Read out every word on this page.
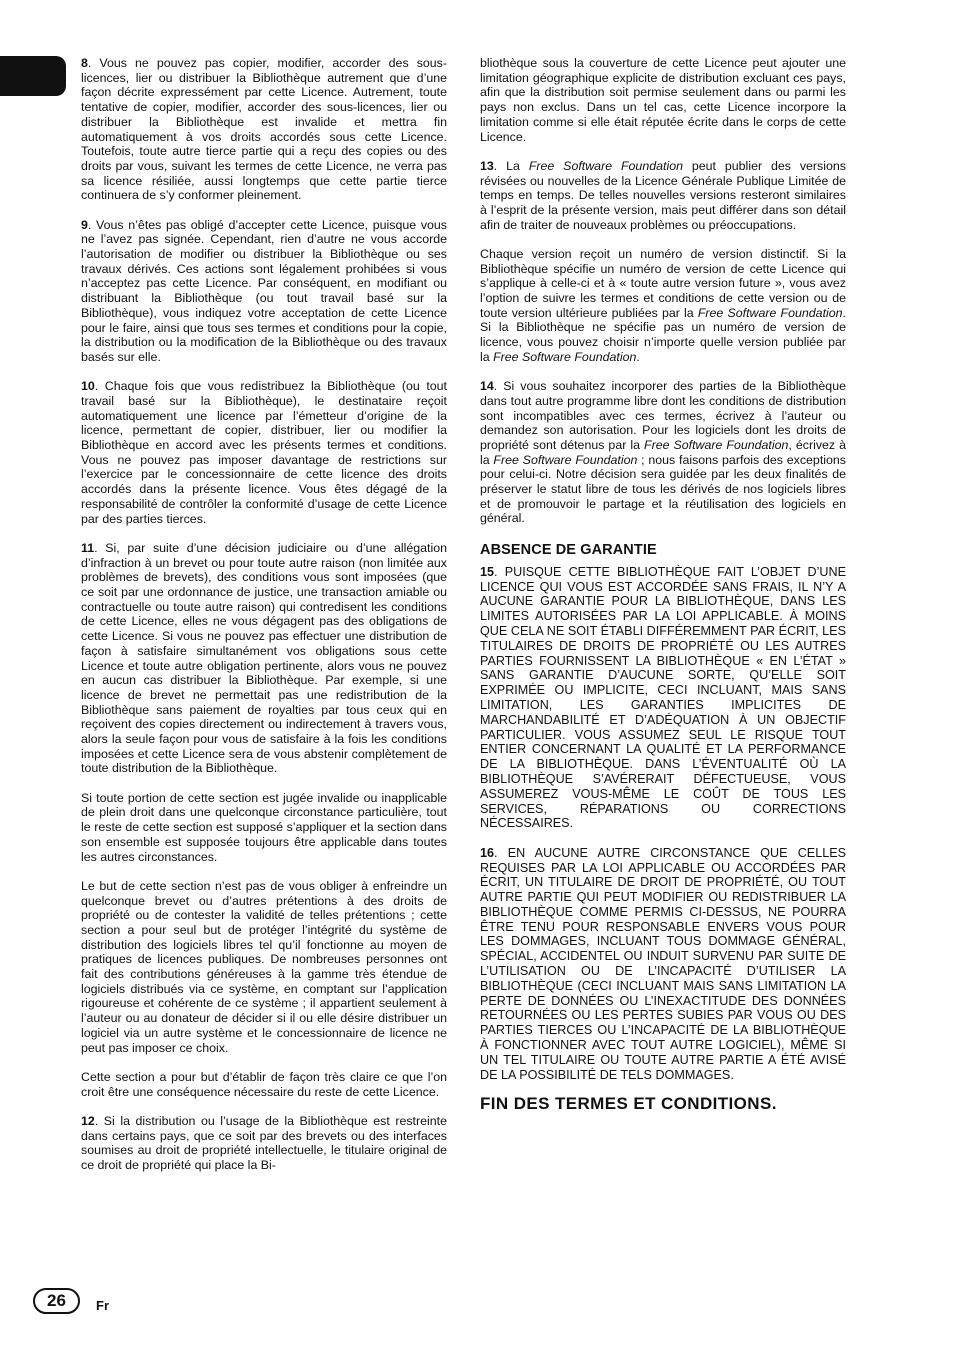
8. Vous ne pouvez pas copier, modifier, accorder des sous-licences, lier ou distribuer la Bibliothèque autrement que d’une façon décrite expressément par cette Licence. Autrement, toute tentative de copier, modifier, accorder des sous-licences, lier ou distribuer la Bibliothèque est invalide et mettra fin automatiquement à vos droits accordés sous cette Licence. Toutefois, toute autre tierce partie qui a reçu des copies ou des droits par vous, suivant les termes de cette Licence, ne verra pas sa licence résiliée, aussi longtemps que cette partie tierce continuera de s’y conformer pleinement.

9. Vous n’êtes pas obligé d’accepter cette Licence, puisque vous ne l’avez pas signée. Cependant, rien d’autre ne vous accorde l’autorisation de modifier ou distribuer la Bibliothèque ou ses travaux dérivés. Ces actions sont légalement prohibées si vous n’acceptez pas cette Licence. Par conséquent, en modifiant ou distribuant la Bibliothèque (ou tout travail basé sur la Bibliothèque), vous indiquez votre acceptation de cette Licence pour le faire, ainsi que tous ses termes et conditions pour la copie, la distribution ou la modification de la Bibliothèque ou des travaux basés sur elle.

10. Chaque fois que vous redistribuez la Bibliothèque (ou tout travail basé sur la Bibliothèque), le destinataire reçoit automatiquement une licence par l’émetteur d’origine de la licence, permettant de copier, distribuer, lier ou modifier la Bibliothèque en accord avec les présents termes et conditions. Vous ne pouvez pas imposer davantage de restrictions sur l’exercice par le concessionnaire de cette licence des droits accordés dans la présente licence. Vous êtes dégagé de la responsabilité de contrôler la conformité d’usage de cette Licence par des parties tierces.

11. Si, par suite d’une décision judiciaire ou d’une allégation d’infraction à un brevet ou pour toute autre raison (non limitée aux problèmes de brevets), des conditions vous sont imposées (que ce soit par une ordonnance de justice, une transaction amiable ou contractuelle ou toute autre raison) qui contredisent les conditions de cette Licence, elles ne vous dégagent pas des obligations de cette Licence. Si vous ne pouvez pas effectuer une distribution de façon à satisfaire simultanément vos obligations sous cette Licence et toute autre obligation pertinente, alors vous ne pouvez en aucun cas distribuer la Bibliothèque. Par exemple, si une licence de brevet ne permettait pas une redistribution de la Bibliothèque sans paiement de royalties par tous ceux qui en reçoivent des copies directement ou indirectement à travers vous, alors la seule façon pour vous de satisfaire à la fois les conditions imposées et cette Licence sera de vous abstenir complètement de toute distribution de la Bibliothèque.

Si toute portion de cette section est jugée invalide ou inapplicable de plein droit dans une quelconque circonstance particulière, tout le reste de cette section est supposé s’appliquer et la section dans son ensemble est supposée toujours être applicable dans toutes les autres circonstances.

Le but de cette section n’est pas de vous obliger à enfreindre un quelconque brevet ou d’autres prétentions à des droits de propriété ou de contester la validité de telles prétentions ; cette section a pour seul but de protéger l’intégrité du système de distribution des logiciels libres tel qu’il fonctionne au moyen de pratiques de licences publiques. De nombreuses personnes ont fait des contributions généreuses à la gamme très étendue de logiciels distribués via ce système, en comptant sur l’application rigoureuse et cohérente de ce système ; il appartient seulement à l’auteur ou au donateur de décider si il ou elle désire distribuer un logiciel via un autre système et le concessionnaire de licence ne peut pas imposer ce choix.

Cette section a pour but d’établir de façon très claire ce que l’on croit être une conséquence nécessaire du reste de cette Licence.

12. Si la distribution ou l’usage de la Bibliothèque est restreinte dans certains pays, que ce soit par des brevets ou des interfaces soumises au droit de propriété intellectuelle, le titulaire original de ce droit de propriété qui place la Bi-

bliothèque sous la couverture de cette Licence peut ajouter une limitation géographique explicite de distribution excluant ces pays, afin que la distribution soit permise seulement dans ou parmi les pays non exclus. Dans un tel cas, cette Licence incorpore la limitation comme si elle était réputée écrite dans le corps de cette Licence.

13. La Free Software Foundation peut publier des versions révisées ou nouvelles de la Licence Générale Publique Limitée de temps en temps. De telles nouvelles versions resteront similaires à l’esprit de la présente version, mais peut différer dans son détail afin de traiter de nouveaux problèmes ou préoccupations.

Chaque version reçoit un numéro de version distinctif. Si la Bibliothèque spécifie un numéro de version de cette Licence qui s’applique à celle-ci et à « toute autre version future », vous avez l’option de suivre les termes et conditions de cette version ou de toute version ultérieure publiées par la Free Software Foundation. Si la Bibliothèque ne spécifie pas un numéro de version de licence, vous pouvez choisir n’importe quelle version publiée par la Free Software Foundation.

14. Si vous souhaitez incorporer des parties de la Bibliothèque dans tout autre programme libre dont les conditions de distribution sont incompatibles avec ces termes, écrivez à l’auteur ou demandez son autorisation. Pour les logiciels dont les droits de propriété sont détenus par la Free Software Foundation, écrivez à la Free Software Foundation ; nous faisons parfois des exceptions pour celui-ci. Notre décision sera guidée par les deux finalités de préserver le statut libre de tous les dérivés de nos logiciels libres et de promouvoir le partage et la réutilisation des logiciels en général.

ABSENCE DE GARANTIE

15. PUISQUE CETTE BIBLIOTHÈQUE FAIT L’OBJET D’UNE LICENCE QUI VOUS EST ACCORDÉE SANS FRAIS, IL N’Y A AUCUNE GARANTIE POUR LA BIBLIOTHÈQUE, DANS LES LIMITES AUTORISÉES PAR LA LOI APPLICABLE. À MOINS QUE CELA NE SOIT ÉTABLI DIFFÉREMMENT PAR ÉCRIT, LES TITULAIRES DE DROITS DE PROPRIÉTÉ OU LES AUTRES PARTIES FOURNISSENT LA BIBLIOTHÈQUE « EN L’ÉTAT » SANS GARANTIE D’AUCUNE SORTE, QU’ELLE SOIT EXPRIMÉE OU IMPLICITE, CECI INCLUANT, MAIS SANS LIMITATION, LES GARANTIES IMPLICITES DE MARCHANDABILITÉ ET D’ADÉQUATION À UN OBJECTIF PARTICULIER. VOUS ASSUMEZ SEUL LE RISQUE TOUT ENTIER CONCERNANT LA QUALITÉ ET LA PERFORMANCE DE LA BIBLIOTHÈQUE. DANS L’ÉVENTUALITÉ OÙ LA BIBLIOTHÈQUE S’AVÉRERAIT DÉFECTUEUSE, VOUS ASSUMEREZ VOUS-MÊME LE COÛT DE TOUS LES SERVICES, RÉPARATIONS OU CORRECTIONS NÉCESSAIRES.

16. EN AUCUNE AUTRE CIRCONSTANCE QUE CELLES REQUISES PAR LA LOI APPLICABLE OU ACCORDÉES PAR ÉCRIT, UN TITULAIRE DE DROIT DE PROPRIÉTÉ, OU TOUT AUTRE PARTIE QUI PEUT MODIFIER OU REDISTRIBUER LA BIBLIOTHÈQUE COMME PERMIS CI-DESSUS, NE POURRA ÊTRE TENU POUR RESPONSABLE ENVERS VOUS POUR LES DOMMAGES, INCLUANT TOUS DOMMAGE GÉNÉRAL, SPÉCIAL, ACCIDENTEL OU INDUIT SURVENU PAR SUITE DE L’UTILISATION OU DE L’INCAPACITÉ D’UTILISER LA BIBLIOTHÈQUE (CECI INCLUANT MAIS SANS LIMITATION LA PERTE DE DONNÉES OU L’INEXACTITUDE DES DONNÉES RETOURNÉES OU LES PERTES SUBIES PAR VOUS OU DES PARTIES TIERCES OU L’INCAPACITÉ DE LA BIBLIOTHÈQUE À FONCTIONNER AVEC TOUT AUTRE LOGICIEL), MÊME SI UN TEL TITULAIRE OU TOUTE AUTRE PARTIE A ÉTÉ AVISÉ DE LA POSSIBILITÉ DE TELS DOMMAGES.

FIN DES TERMES ET CONDITIONS.
26	Fr
